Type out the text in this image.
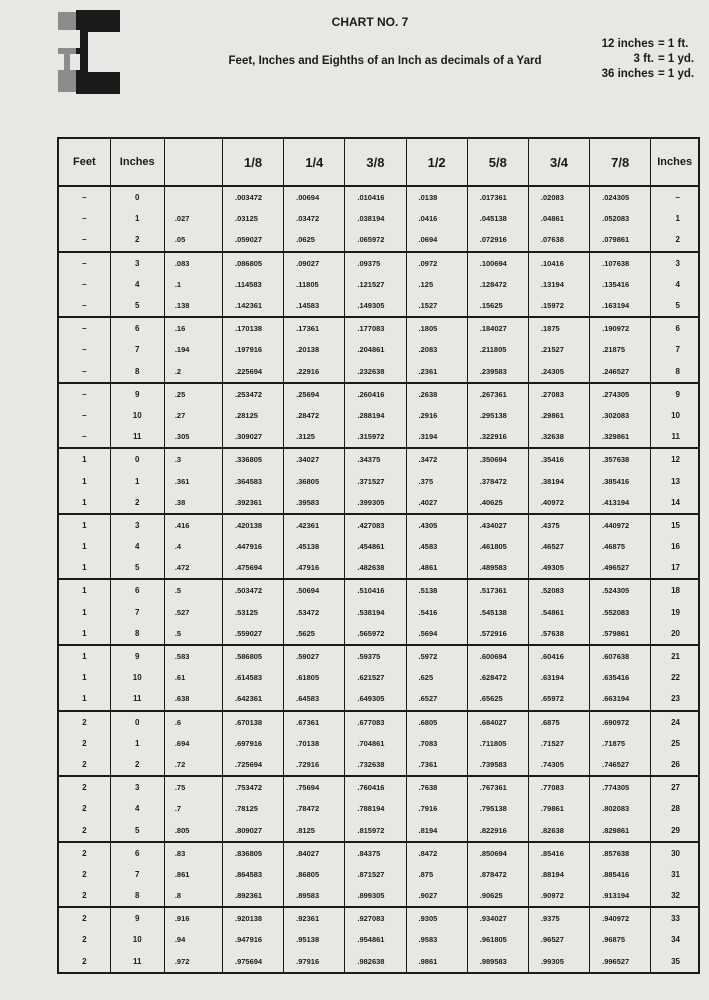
CHART NO. 7
Feet, Inches and Eighths of an Inch as decimals of a Yard
12 inches = 1 ft.
3 ft. = 1 yd.
36 inches = 1 yd.
Feet	Inches		1/8	1/4	3/8	1/2	5/8	3/4	7/8	Inches
–	0		.003472	.00694	.010416	.0138	.017361	.02083	.024305	–
–	1	.027	.03125	.03472	.038194	.0416	.045138	.04861	.052083	1
–	2	.05	.059027	.0625	.065972	.0694	.072916	.07638	.079861	2
–	3	.083	.086805	.09027	.09375	.0972	.100694	.10416	.107638	3
–	4	.1	.114583	.11805	.121527	.125	.128472	.13194	.135416	4
–	5	.138	.142361	.14583	.149305	.1527	.15625	.15972	.163194	5
–	6	.16	.170138	.17361	.177083	.1805	.184027	.1875	.190972	6
–	7	.194	.197916	.20138	.204861	.2083	.211805	.21527	.21875	7
–	8	.2	.225694	.22916	.232638	.2361	.239583	.24305	.246527	8
–	9	.25	.253472	.25694	.260416	.2638	.267361	.27083	.274305	9
–	10	.27	.28125	.28472	.288194	.2916	.295138	.29861	.302083	10
–	11	.305	.309027	.3125	.315972	.3194	.322916	.32638	.329861	11
1	0	.3	.336805	.34027	.34375	.3472	.350694	.35416	.357638	12
1	1	.361	.364583	.36805	.371527	.375	.378472	.38194	.385416	13
1	2	.38	.392361	.39583	.399305	.4027	.40625	.40972	.413194	14
1	3	.416	.420138	.42361	.427083	.4305	.434027	.4375	.440972	15
1	4	.4	.447916	.45138	.454861	.4583	.461805	.46527	.46875	16
1	5	.472	.475694	.47916	.482638	.4861	.489583	.49305	.496527	17
1	6	.5	.503472	.50694	.510416	.5138	.517361	.52083	.524305	18
1	7	.527	.53125	.53472	.538194	.5416	.545138	.54861	.552083	19
1	8	.5	.559027	.5625	.565972	.5694	.572916	.57638	.579861	20
1	9	.583	.586805	.59027	.59375	.5972	.600694	.60416	.607638	21
1	10	.61	.614583	.61805	.621527	.625	.628472	.63194	.635416	22
1	11	.638	.642361	.64583	.649305	.6527	.65625	.65972	.663194	23
2	0	.6	.670138	.67361	.677083	.6805	.684027	.6875	.690972	24
2	1	.694	.697916	.70138	.704861	.7083	.711805	.71527	.71875	25
2	2	.72	.725694	.72916	.732638	.7361	.739583	.74305	.746527	26
2	3	.75	.753472	.75694	.760416	.7638	.767361	.77083	.774305	27
2	4	.7	.78125	.78472	.788194	.7916	.795138	.79861	.802083	28
2	5	.805	.809027	.8125	.815972	.8194	.822916	.82638	.829861	29
2	6	.83	.836805	.84027	.84375	.8472	.850694	.85416	.857638	30
2	7	.861	.864583	.86805	.871527	.875	.878472	.88194	.885416	31
2	8	.8	.892361	.89583	.899305	.9027	.90625	.90972	.913194	32
2	9	.916	.920138	.92361	.927083	.9305	.934027	.9375	.940972	33
2	10	.94	.947916	.95138	.954861	.9583	.961805	.96527	.96875	34
2	11	.972	.975694	.97916	.982638	.9861	.989583	.99305	.996527	35
